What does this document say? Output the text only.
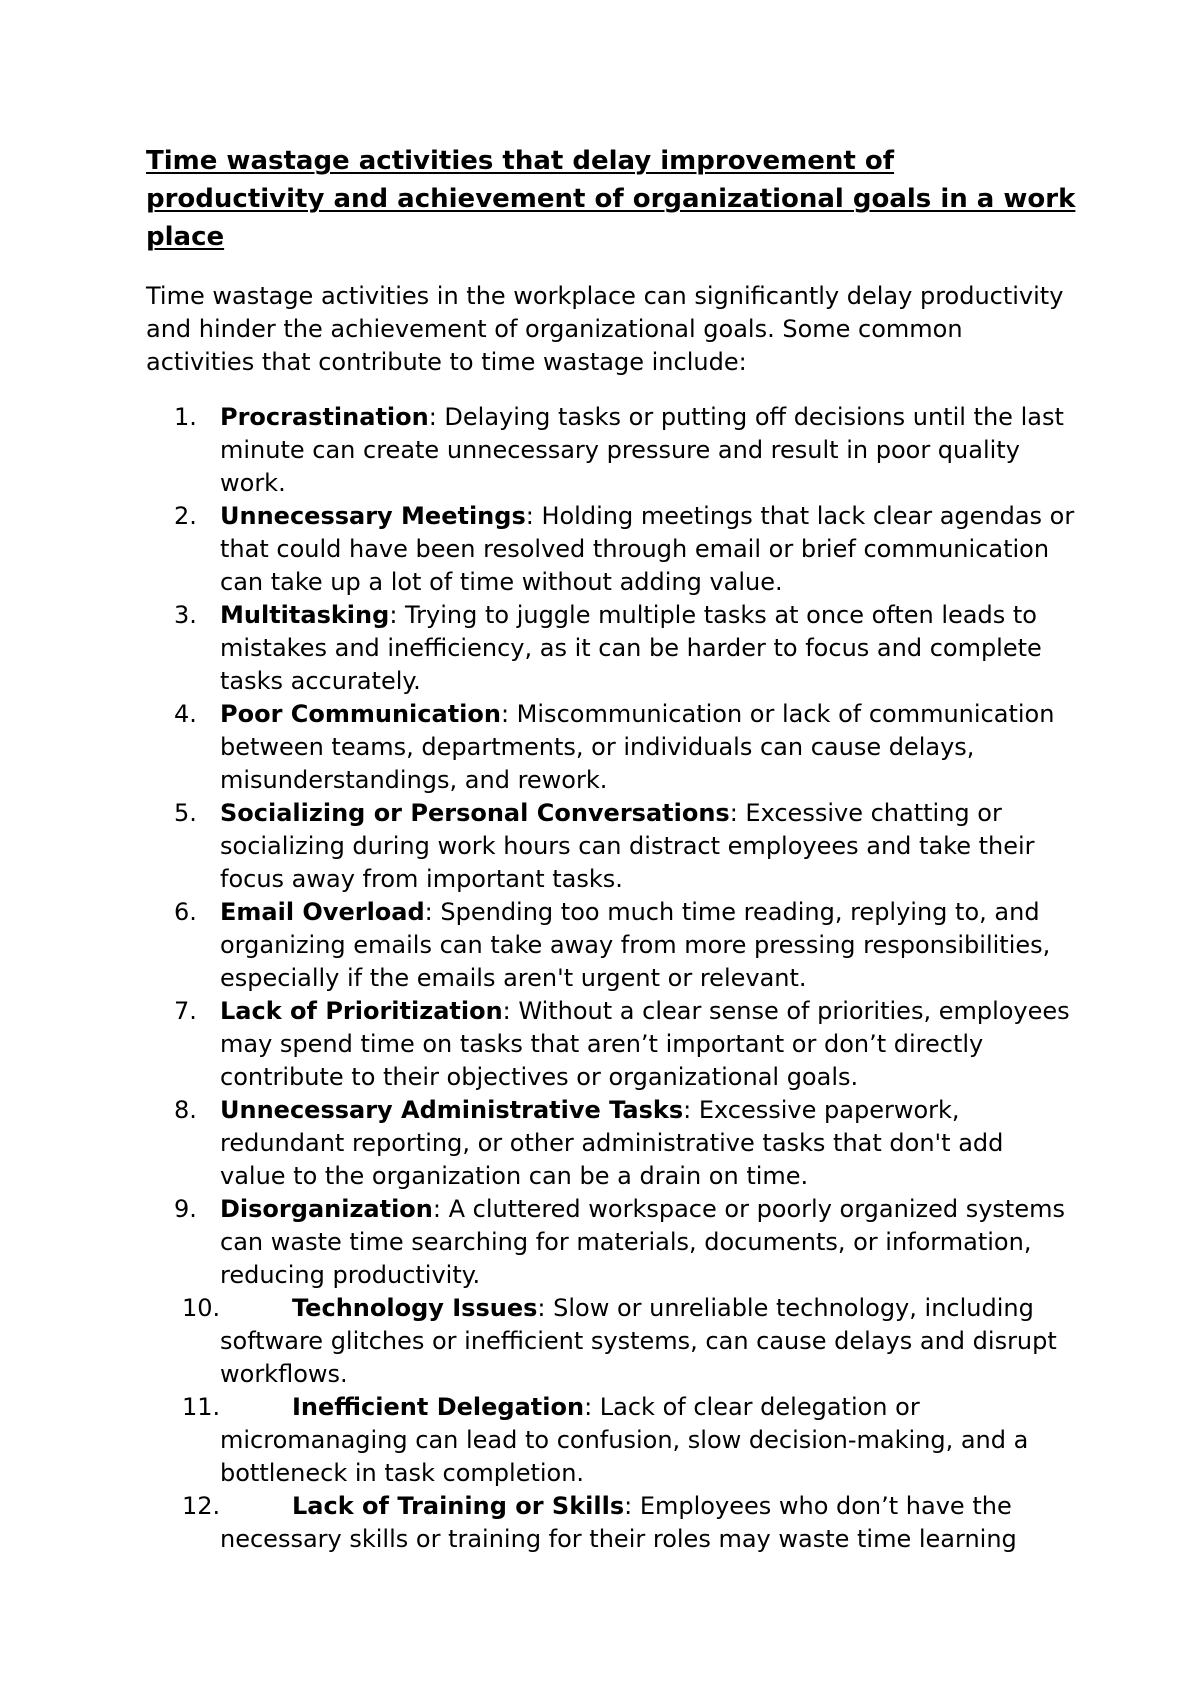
Time wastage activities that delay improvement of productivity and achievement of organizational goals in a work place

Time wastage activities in the workplace can significantly delay productivity and hinder the achievement of organizational goals. Some common activities that contribute to time wastage include:

1. Procrastination: Delaying tasks or putting off decisions until the last minute can create unnecessary pressure and result in poor quality work.
2. Unnecessary Meetings: Holding meetings that lack clear agendas or that could have been resolved through email or brief communication can take up a lot of time without adding value.
3. Multitasking: Trying to juggle multiple tasks at once often leads to mistakes and inefficiency, as it can be harder to focus and complete tasks accurately.
4. Poor Communication: Miscommunication or lack of communication between teams, departments, or individuals can cause delays, misunderstandings, and rework.
5. Socializing or Personal Conversations: Excessive chatting or socializing during work hours can distract employees and take their focus away from important tasks.
6. Email Overload: Spending too much time reading, replying to, and organizing emails can take away from more pressing responsibilities, especially if the emails aren't urgent or relevant.
7. Lack of Prioritization: Without a clear sense of priorities, employees may spend time on tasks that aren’t important or don’t directly contribute to their objectives or organizational goals.
8. Unnecessary Administrative Tasks: Excessive paperwork, redundant reporting, or other administrative tasks that don't add value to the organization can be a drain on time.
9. Disorganization: A cluttered workspace or poorly organized systems can waste time searching for materials, documents, or information, reducing productivity.
10.	Technology Issues: Slow or unreliable technology, including software glitches or inefficient systems, can cause delays and disrupt workflows.
11.	Inefficient Delegation: Lack of clear delegation or micromanaging can lead to confusion, slow decision-making, and a bottleneck in task completion.
12.	Lack of Training or Skills: Employees who don’t have the necessary skills or training for their roles may waste time learning
